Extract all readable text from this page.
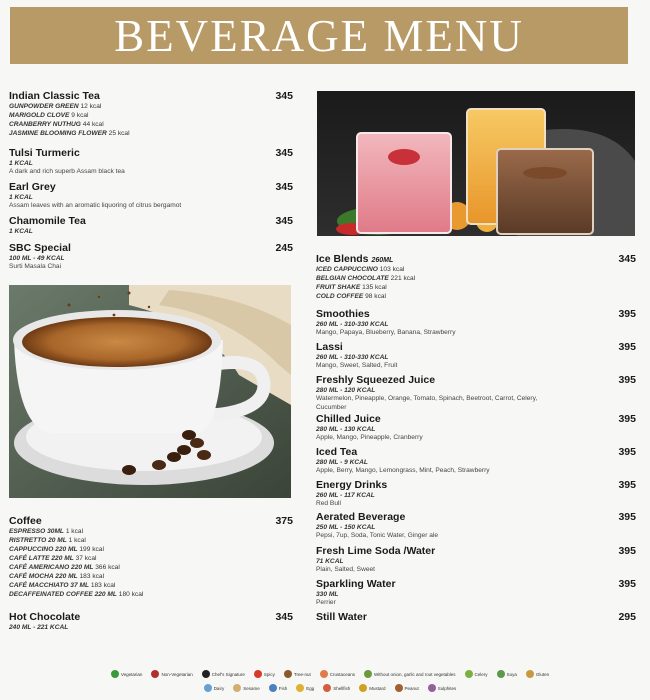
BEVERAGE MENU
Indian Classic Tea	345
GUNPOWDER GREEN 12 kcal
MARIGOLD CLOVE 9 kcal
CRANBERRY NUTHUG 44 kcal
JASMINE BLOOMING FLOWER 25 kcal
Tulsi Turmeric	345
1 KCAL
A dark and rich superb Assam black tea
Earl Grey	345
1 KCAL
Assam leaves with an aromatic liquoring of citrus bergamot
Chamomile Tea	345
1 KCAL
SBC Special	245
100 ML - 49 KCAL
Surti Masala Chai
Coffee	375
ESPRESSO 30ML 1 kcal
RISTRETTO 20 ML 1 kcal
CAPPUCCINO 220 ML 199 kcal
CAFÉ LATTE 220 ML 37 kcal
CAFÉ AMERICANO 220 ML 366 kcal
CAFÉ MOCHA 220 ML 183 kcal
CAFÉ MACCHIATO 37 ML 183 kcal
DECAFFEINATED COFFEE 220 ML 180 kcal
Hot Chocolate	345
240 ML - 221 KCAL
Ice Blends 260ML	345
ICED CAPPUCCINO 103 kcal
BELGIAN CHOCOLATE 221 kcal
FRUIT SHAKE 135 kcal
COLD COFFEE 98 kcal
Smoothies	395
260 ML - 310-330 KCAL
Mango, Papaya, Blueberry, Banana, Strawberry
Lassi	395
260 ML - 310-330 KCAL
Mango, Sweet, Salted, Fruit
Freshly Squeezed Juice	395
280 ML - 120 KCAL
Watermelon, Pineapple, Orange, Tomato, Spinach, Beetroot, Carrot, Celery, Cucumber
Chilled Juice	395
280 ML - 130 KCAL
Apple, Mango, Pineapple, Cranberry
Iced Tea	395
280 ML - 9 KCAL
Apple, Berry, Mango, Lemongrass, Mint, Peach, Strawberry
Energy Drinks	395
260 ML - 117 KCAL
Red Bull
Aerated Beverage	395
250 ML - 150 KCAL
Pepsi, 7up, Soda, Tonic Water, Ginger ale
Fresh Lime Soda /Water	395
71 KCAL
Plain, Salted, Sweet
Sparkling Water	395
330 ML
Perrier
Still Water	295
Vegetarian	Non-Vegetarian	Chef's Signature	Spicy	Tree-nut	Crustaceans	Without onion, garlic and root vegetables	Celery	Soya	Gluten
Dairy	Sesame	Fish	Egg	Shellfish	Mustard	Peanut	Sulphites
